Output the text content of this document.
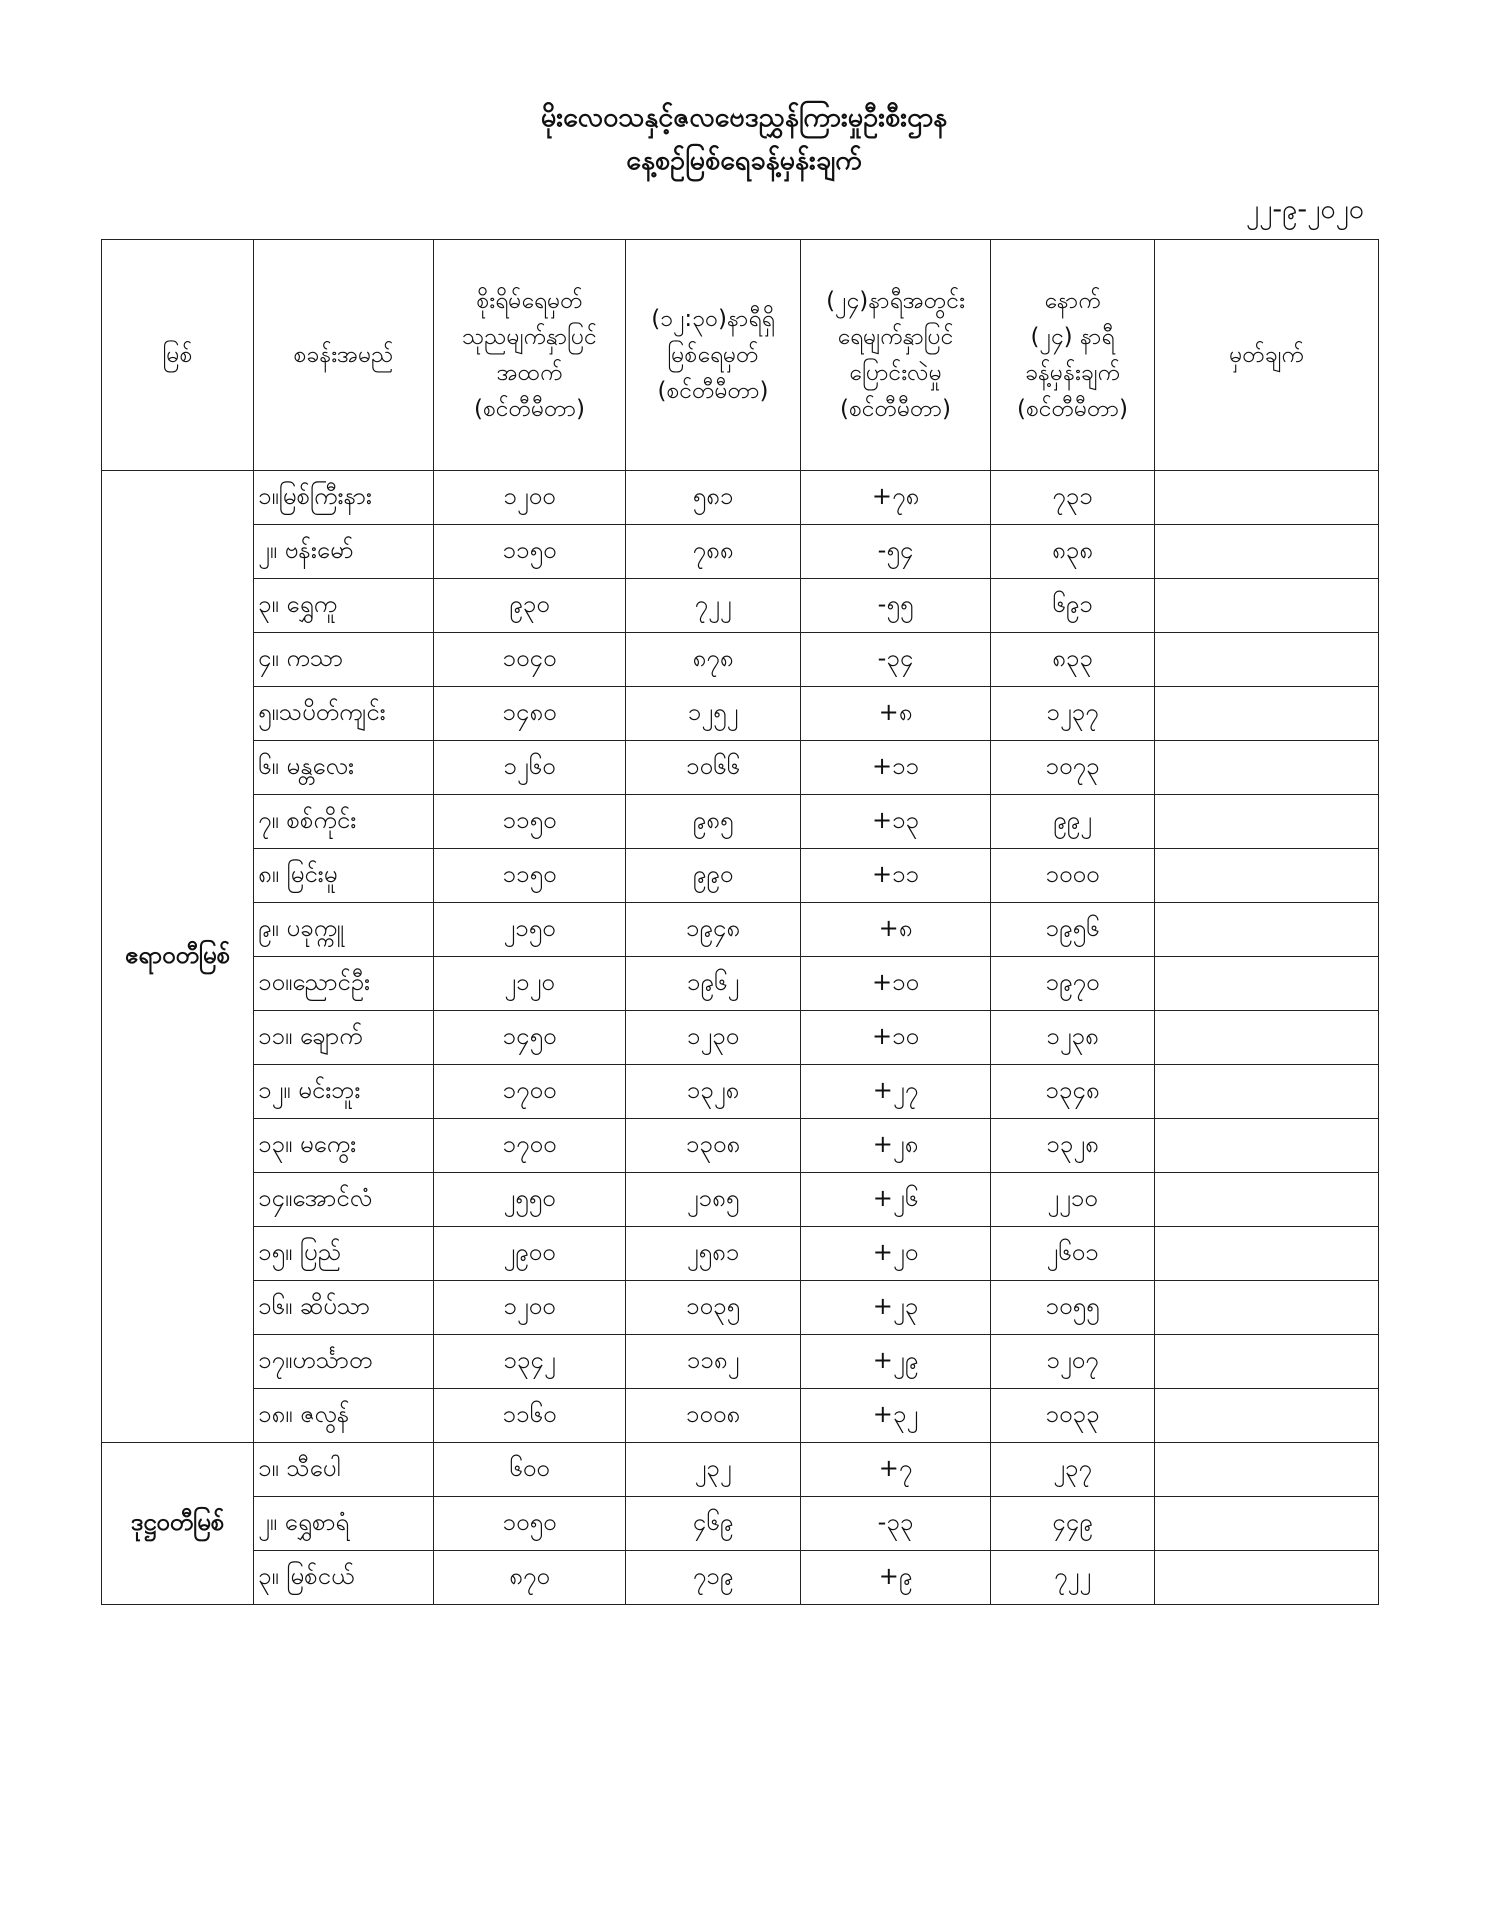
မိုးလေဝသနှင့်ဇလဗေဒညွှန်ကြားမှုဦးစီးဌာန
နေ့စဉ်မြစ်ရေခန့်မှန်းချက်
၂၂-၉-၂၀၂၀
မြစ်	စခန်းအမည်	စိုးရိမ်ရေမှတ်
သုညမျက်နှာပြင်
အထက်
(စင်တီမီတာ)	(၁၂:၃၀)နာရီရှိ
မြစ်ရေမှတ်
(စင်တီမီတာ)	(၂၄)နာရီအတွင်း
ရေမျက်နှာပြင်
ပြောင်းလဲမှု
(စင်တီမီတာ)	နောက်
(၂၄) နာရီ
ခန့်မှန်းချက်
(စင်တီမီတာ)	မှတ်ချက်

ဧရာဝတီမြစ်	၁။မြစ်ကြီးနား	၁၂၀၀	၅၈၁	+၇၈	၇၃၁	
	၂။ ဗန်းမော်	၁၁၅၀	၇၈၈	-၅၄	၈၃၈	
	၃။ ရွှေကူ	၉၃၀	၇၂၂	-၅၅	၆၉၁	
	၄။ ကသာ	၁၀၄၀	၈၇၈	-၃၄	၈၃၃	
	၅။သပိတ်ကျင်း	၁၄၈၀	၁၂၅၂	+၈	၁၂၃၇	
	၆။ မန္တလေး	၁၂၆၀	၁၀၆၆	+၁၁	၁၀၇၃	
	၇။ စစ်ကိုင်း	၁၁၅၀	၉၈၅	+၁၃	၉၉၂	
	၈။ မြင်းမူ	၁၁၅၀	၉၉၀	+၁၁	၁၀၀၀	
	၉။ ပခုက္ကူ	၂၁၅၀	၁၉၄၈	+၈	၁၉၅၆	
	၁၀။ညောင်ဦး	၂၁၂၀	၁၉၆၂	+၁၀	၁၉၇၀	
	၁၁။ ချောက်	၁၄၅၀	၁၂၃၀	+၁၀	၁၂၃၈	
	၁၂။ မင်းဘူး	၁၇၀၀	၁၃၂၈	+၂၇	၁၃၄၈	
	၁၃။ မကွေး	၁၇၀၀	၁၃၀၈	+၂၈	၁၃၂၈	
	၁၄။အောင်လံ	၂၅၅၀	၂၁၈၅	+၂၆	၂၂၁၀	
	၁၅။ ပြည်	၂၉၀၀	၂၅၈၁	+၂၀	၂၆၀၁	
	၁၆။ ဆိပ်သာ	၁၂၀၀	၁၀၃၅	+၂၃	၁၀၅၅	
	၁၇။ဟင်္သာတ	၁၃၄၂	၁၁၈၂	+၂၉	၁၂၀၇	
	၁၈။ ဇလွန်	၁၁၆၀	၁၀၀၈	+၃၂	၁၀၃၃	
ဒုဋ္ဌဝတီမြစ်	၁။ သီပေါ	၆၀၀	၂၃၂	+၇	၂၃၇	
	၂။ ရွှေစာရံ	၁၀၅၀	၄၆၉	-၃၃	၄၄၉	
	၃။ မြစ်ငယ်	၈၇၀	၇၁၉	+၉	၇၂၂	
